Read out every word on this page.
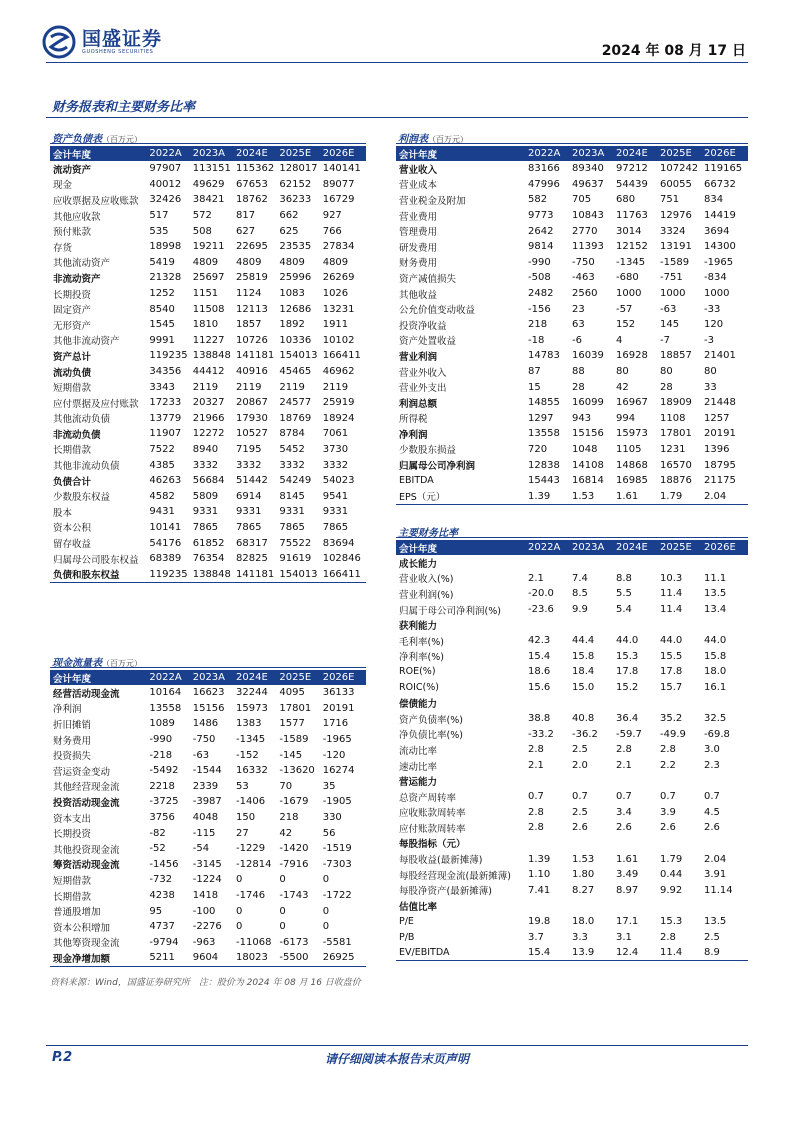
国盛证券
GUOSHENG SECURITIES	2024 年 08 月 17 日
财务报表和主要财务比率
资产负债表（百万元）
会计年度	2022A	2023A	2024E	2025E	2026E
流动资产	97907	113151 115362 128017 140141
现金	40012	49629	67653	62152	89077
应收票据及应收账款	32426	38421	18762	36233	16729
其他应收款	517	572	817	662	927
预付账款	535	508	627	625	766
存货	18998	19211	22695	23535	27834
其他流动资产	5419	4809	4809	4809	4809
非流动资产	21328	25697	25819	25996	26269
长期投资	1252	1151	1124	1083	1026
固定资产	8540	11508	12113	12686	13231
无形资产	1545	1810	1857	1892	1911
其他非流动资产	9991	11227	10726	10336	10102
资产总计	119235 138848 141181 154013 166411
流动负债	34356	44412	40916	45465	46962
短期借款	3343	2119	2119	2119	2119
应付票据及应付账款	17233	20327	20867	24577	25919
其他流动负债	13779	21966	17930	18769	18924
非流动负债	11907	12272	10527	8784	7061
长期借款	7522	8940	7195	5452	3730
其他非流动负债	4385	3332	3332	3332	3332
负债合计	46263	56684	51442	54249	54023
少数股东权益	4582	5809	6914	8145	9541
股本	9431	9331	9331	9331	9331
资本公积	10141	7865	7865	7865	7865
留存收益	54176	61852	68317	75522	83694
归属母公司股东权益	68389	76354	82825	91619	102846
负债和股东权益	119235 138848 141181 154013 166411
利润表（百万元）
会计年度	2022A	2023A	2024E	2025E	2026E
营业收入	83166	89340	97212	107242 119165
营业成本	47996	49637	54439	60055	66732
营业税金及附加	582	705	680	751	834
营业费用	9773	10843	11763	12976	14419
管理费用	2642	2770	3014	3324	3694
研发费用	9814	11393	12152	13191	14300
财务费用	-990	-750	-1345	-1589	-1965
资产减值损失	-508	-463	-680	-751	-834
其他收益	2482	2560	1000	1000	1000
公允价值变动收益	-156	23	-57	-63	-33
投资净收益	218	63	152	145	120
资产处置收益	-18	-6	4	-7	-3
营业利润	14783	16039	16928	18857	21401
营业外收入	87	88	80	80	80
营业外支出	15	28	42	28	33
利润总额	14855	16099	16967	18909	21448
所得税	1297	943	994	1108	1257
净利润	13558	15156	15973	17801	20191
少数股东损益	720	1048	1105	1231	1396
归属母公司净利润	12838	14108	14868	16570	18795
EBITDA	15443	16814	16985	18876	21175
EPS（元）	1.39	1.53	1.61	1.79	2.04
现金流量表（百万元）
会计年度	2022A	2023A	2024E	2025E	2026E
经营活动现金流	10164	16623	32244	4095	36133
净利润	13558	15156	15973	17801	20191
折旧摊销	1089	1486	1383	1577	1716
财务费用	-990	-750	-1345	-1589	-1965
投资损失	-218	-63	-152	-145	-120
营运资金变动	-5492	-1544	16332	-13620 16274
其他经营现金流	2218	2339	53	70	35
投资活动现金流	-3725	-3987	-1406	-1679	-1905
资本支出	3756	4048	150	218	330
长期投资	-82	-115	27	42	56
其他投资现金流	-52	-54	-1229	-1420	-1519
筹资活动现金流	-1456	-3145	-12814 -7916	-7303
短期借款	-732	-1224	0	0	0
长期借款	4238	1418	-1746	-1743	-1722
普通股增加	95	-100	0	0	0
资本公积增加	4737	-2276	0	0	0
其他筹资现金流	-9794	-963	-11068 -6173	-5581
现金净增加额	5211	9604	18023	-5500	26925
主要财务比率
会计年度	2022A	2023A	2024E	2025E	2026E
成长能力
营业收入(%)	2.1	7.4	8.8	10.3	11.1
营业利润(%)	-20.0	8.5	5.5	11.4	13.5
归属于母公司净利润(%)	-23.6	9.9	5.4	11.4	13.4
获利能力
毛利率(%)	42.3	44.4	44.0	44.0	44.0
净利率(%)	15.4	15.8	15.3	15.5	15.8
ROE(%)	18.6	18.4	17.8	17.8	18.0
ROIC(%)	15.6	15.0	15.2	15.7	16.1
偿债能力
资产负债率(%)	38.8	40.8	36.4	35.2	32.5
净负债比率(%)	-33.2	-36.2	-59.7	-49.9	-69.8
流动比率	2.8	2.5	2.8	2.8	3.0
速动比率	2.1	2.0	2.1	2.2	2.3
营运能力
总资产周转率	0.7	0.7	0.7	0.7	0.7
应收账款周转率	2.8	2.5	3.4	3.9	4.5
应付账款周转率	2.8	2.6	2.6	2.6	2.6
每股指标（元）
每股收益(最新摊薄)	1.39	1.53	1.61	1.79	2.04
每股经营现金流(最新摊薄)	1.10	1.80	3.49	0.44	3.91
每股净资产(最新摊薄)	7.41	8.27	8.97	9.92	11.14
估值比率
P/E	19.8	18.0	17.1	15.3	13.5
P/B	3.7	3.3	3.1	2.8	2.5
EV/EBITDA	15.4	13.9	12.4	11.4	8.9
资料来源：Wind，国盛证券研究所　注：股价为 2024 年 08 月 16 日收盘价
P.2	请仔细阅读本报告末页声明
